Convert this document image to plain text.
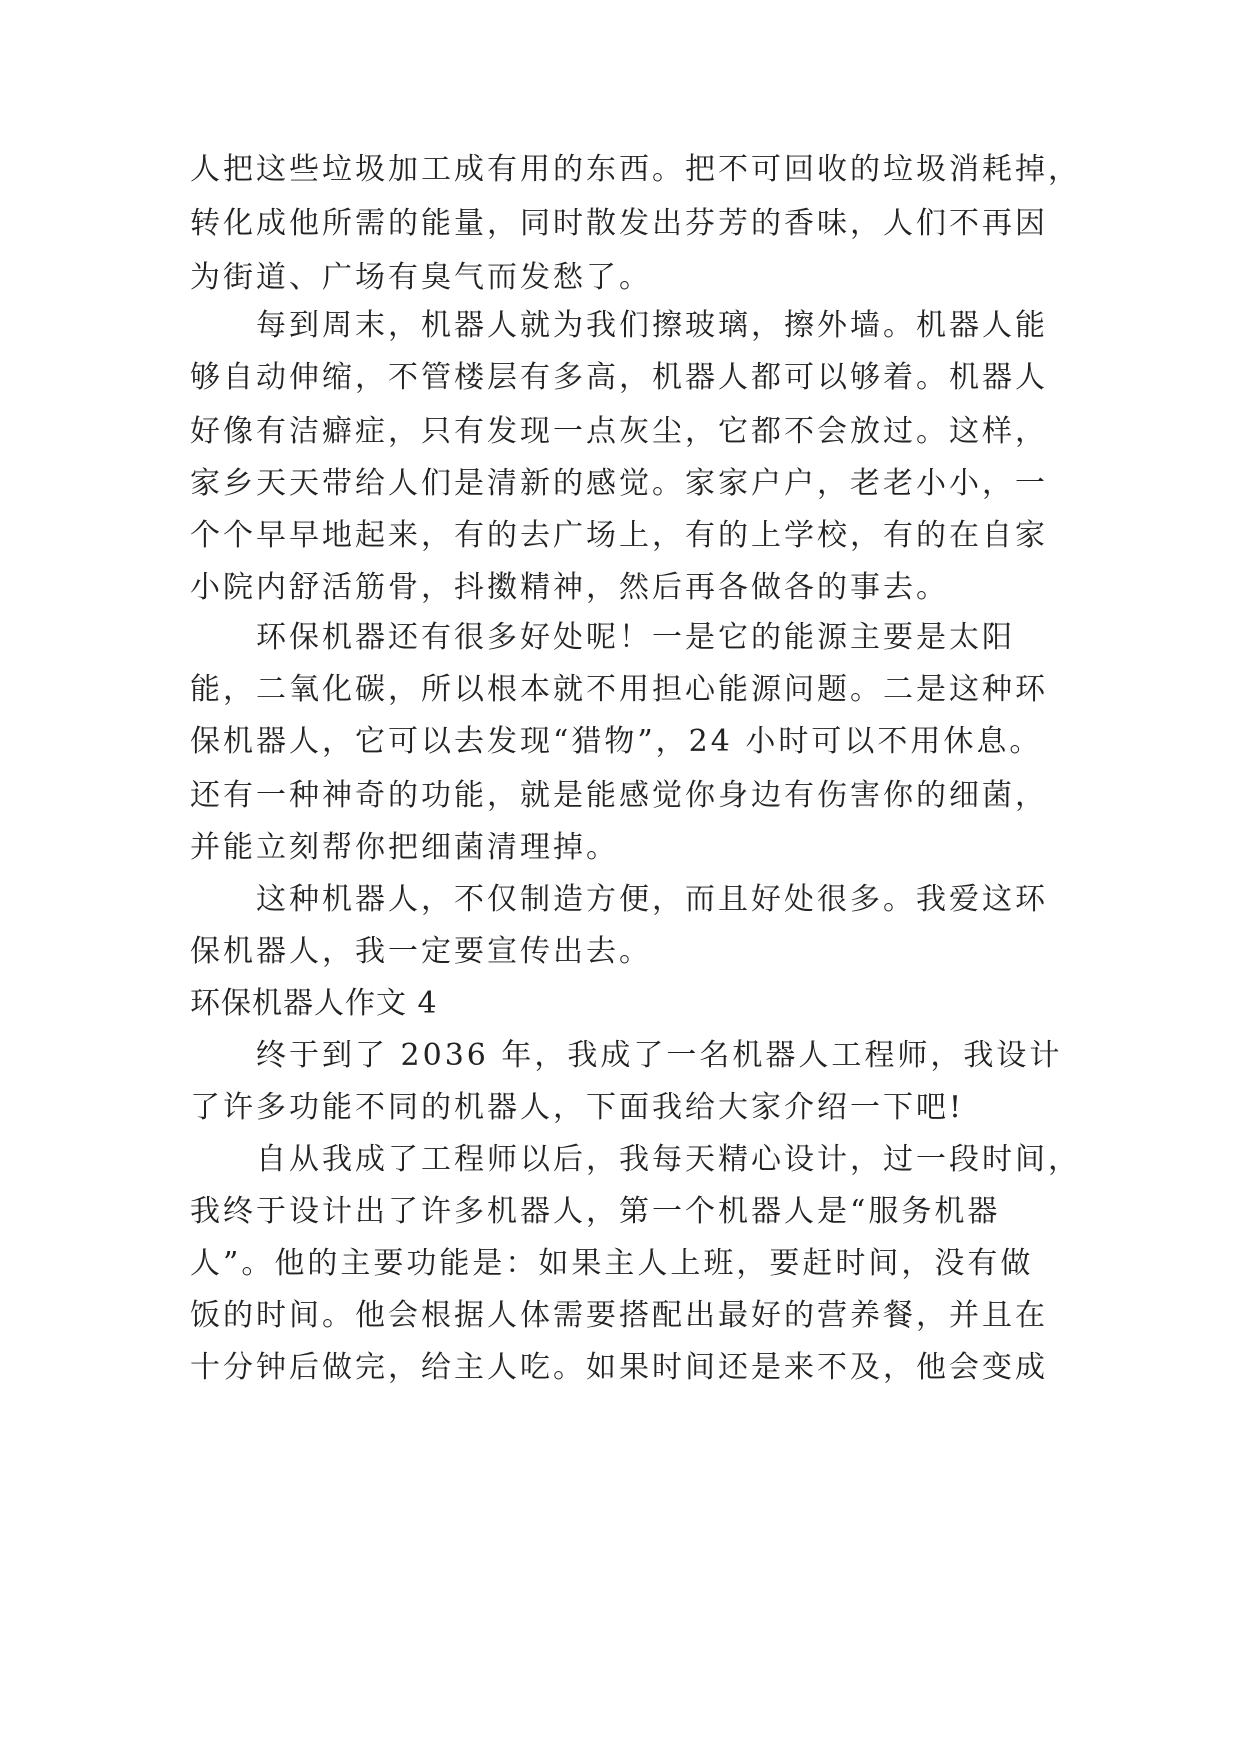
人把这些垃圾加工成有用的东西。把不可回收的垃圾消耗掉，
转化成他所需的能量，同时散发出芬芳的香味，人们不再因
为街道、广场有臭气而发愁了。
每到周末，机器人就为我们擦玻璃，擦外墙。机器人能
够自动伸缩，不管楼层有多高，机器人都可以够着。机器人
好像有洁癖症，只有发现一点灰尘，它都不会放过。这样，
家乡天天带给人们是清新的感觉。家家户户，老老小小，一
个个早早地起来，有的去广场上，有的上学校，有的在自家
小院内舒活筋骨，抖擞精神，然后再各做各的事去。
环保机器还有很多好处呢！一是它的能源主要是太阳
能，二氧化碳，所以根本就不用担心能源问题。二是这种环
保机器人，它可以去发现“猎物”，24 小时可以不用休息。
还有一种神奇的功能，就是能感觉你身边有伤害你的细菌，
并能立刻帮你把细菌清理掉。
这种机器人，不仅制造方便，而且好处很多。我爱这环
保机器人，我一定要宣传出去。
环保机器人作文 4
终于到了 2036 年，我成了一名机器人工程师，我设计
了许多功能不同的机器人，下面我给大家介绍一下吧!
自从我成了工程师以后，我每天精心设计，过一段时间，
我终于设计出了许多机器人，第一个机器人是“服务机器
人”。他的主要功能是：如果主人上班，要赶时间，没有做
饭的时间。他会根据人体需要搭配出最好的营养餐，并且在
十分钟后做完，给主人吃。如果时间还是来不及，他会变成
